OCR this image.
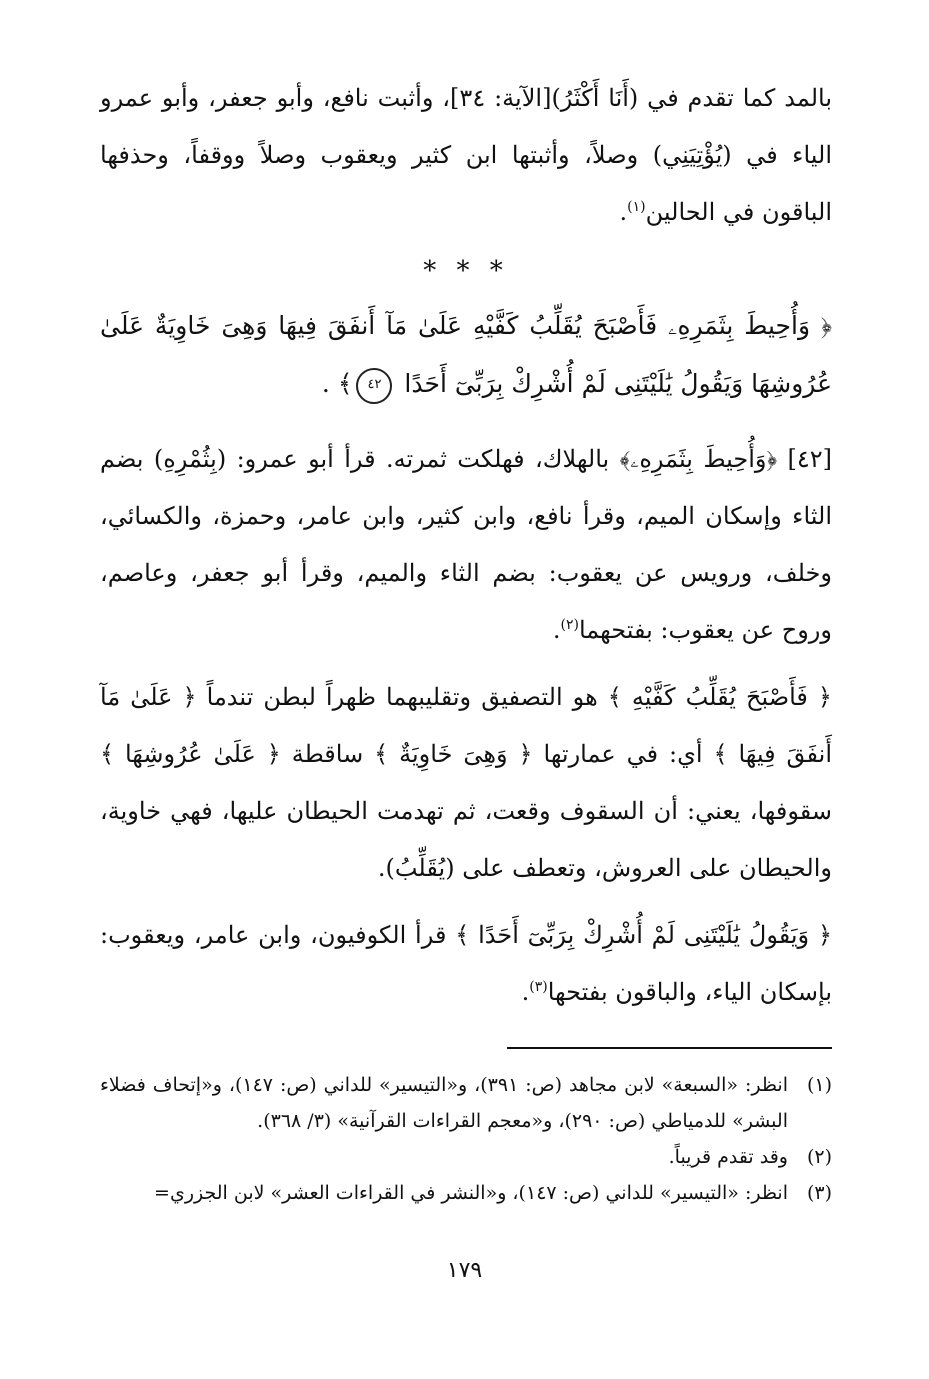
بالمد كما تقدم في (أَنَا أَكْثَرُ)[الآية: ٣٤]، وأثبت نافع، وأبو جعفر، وأبو عمرو الياء في (يُؤْتِيَنِي) وصلاً، وأثبتها ابن كثير ويعقوب وصلاً ووقفاً، وحذفها الباقون في الحالين$^{(١)}$.

* * *

﴿ وَأُحِيطَ بِثَمَرِهِۦ فَأَصْبَحَ يُقَلِّبُ كَفَّيْهِ عَلَىٰ مَآ أَنفَقَ فِيهَا وَهِىَ خَاوِيَةٌ عَلَىٰ عُرُوشِهَا وَيَقُولُ يَٰلَيْتَنِى لَمْ أُشْرِكْ بِرَبِّىٓ أَحَدًا ٤٢﴾ .

[٤٢] ﴿وَأُحِيطَ بِثَمَرِهِۦ﴾ بالهلاك، فهلكت ثمرته. قرأ أبو عمرو: (بِثُمْرِهِ) بضم الثاء وإسكان الميم، وقرأ نافع، وابن كثير، وابن عامر، وحمزة، والكسائي، وخلف، ورويس عن يعقوب: بضم الثاء والميم، وقرأ أبو جعفر، وعاصم، وروح عن يعقوب: بفتحهما$^{(٢)}$.

﴿ فَأَصْبَحَ يُقَلِّبُ كَفَّيْهِ ﴾ هو التصفيق وتقليبهما ظهراً لبطن تندماً ﴿ عَلَىٰ مَآ أَنفَقَ فِيهَا ﴾ أي: في عمارتها ﴿ وَهِىَ خَاوِيَةٌ ﴾ ساقطة ﴿ عَلَىٰ عُرُوشِهَا ﴾ سقوفها، يعني: أن السقوف وقعت، ثم تهدمت الحيطان عليها، فهي خاوية، والحيطان على العروش، وتعطف على (يُقَلِّبُ).

﴿ وَيَقُولُ يَٰلَيْتَنِى لَمْ أُشْرِكْ بِرَبِّىٓ أَحَدًا ﴾ قرأ الكوفيون، وابن عامر، ويعقوب: بإسكان الياء، والباقون بفتحها$^{(٣)}$.

(١)
انظر: «السبعة» لابن مجاهد (ص: ٣٩١)، و«التيسير» للداني (ص: ١٤٧)، و«إتحاف فضلاء البشر» للدمياطي (ص: ٢٩٠)، و«معجم القراءات القرآنية» (٣/ ٣٦٨).
(٢)
وقد تقدم قريباً.
(٣)
انظر: «التيسير» للداني (ص: ١٤٧)، و«النشر في القراءات العشر» لابن الجزري=
١٧٩
